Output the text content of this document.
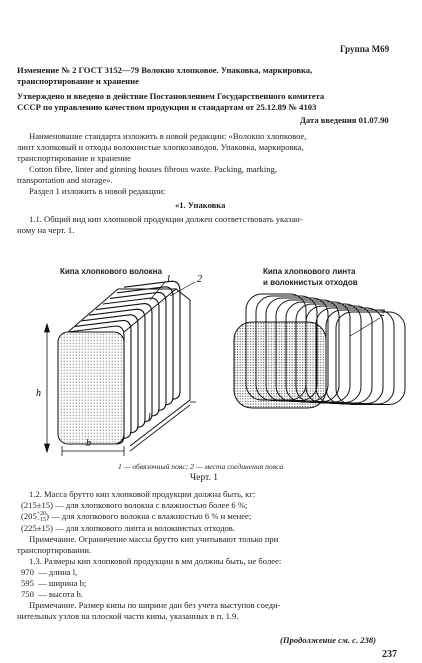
Группа М69
Изменение № 2 ГОСТ 3152—79 Волокно хлопковое. Упаковка, маркировка,
транспортирование и хранение
Утверждено и введено в действие Постановлением Государственного комитета
СССР по управлению качеством продукции и стандартам от 25.12.89 № 4103
Дата введения 01.07.90
Наименование стандарта изложить в новой редакции: «Волокно хлопковое,
линт хлопковый и отходы волокнистые хлопкозаводов. Упаковка, маркировка,
транспортирование и хранение
Cotton fibre, linter and ginning houses fibrous waste. Packing, marking,
transportation and storage».
Раздел 1 изложить в новой редакции:
«1. Упаковка
1.1. Общий вид кип хлопковой продукции должен соответствовать указан-
ному на черт. 1.
Кипа хлопкового волокна	Кипа хлопкового линта
и волокнистых отходов
h
b
l
1	2
2
1 — обвязочный пояс; 2 — места соединения пояса
Черт. 1
1.2. Масса брутто кип хлопковой продукции должна быть, кг:
(215±15) — для хлопкового волокна с влажностью более 6 %;
(205 +20
−15 ) — для хлопкового волокна с влажностью 6 % и менее;
(225±15) — для хлопкового линта и волокнистых отходов.
Примечание. Ограничение массы брутто кип учитывают только при
транспортировании.
1.3. Размеры кип хлопковой продукции в мм должны быть, не более:
970  — длина l,
595  — ширина b;
750  — высота h.
Примечание. Размер кипы по ширине дан без учета выступов соеди-
нительных узлов на плоской части кипы, указанных в п. 1.9.
(Продолжение см. с. 238)
237
